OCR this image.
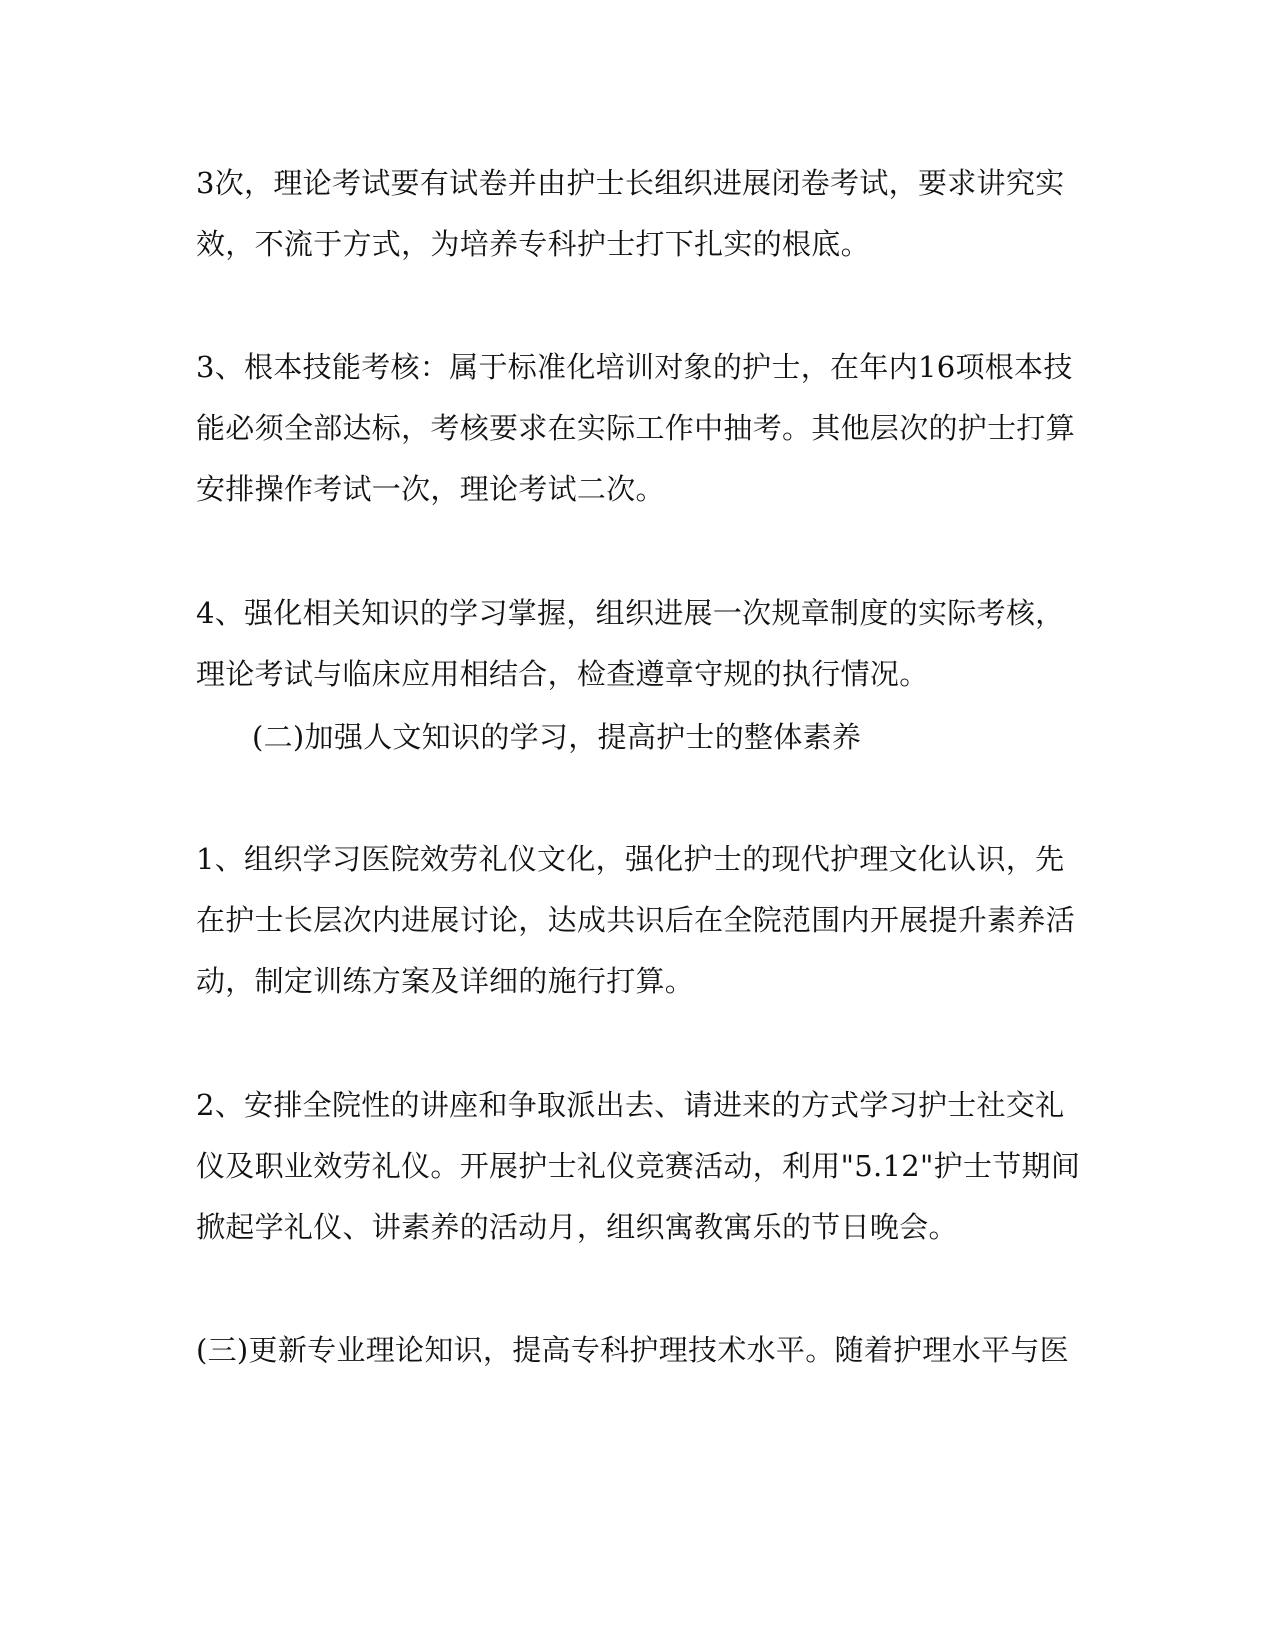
3次，理论考试要有试卷并由护士长组织进展闭卷考试，要求讲究实
效，不流于方式，为培养专科护士打下扎实的根底。
3、根本技能考核：属于标准化培训对象的护士，在年内16项根本技
能必须全部达标，考核要求在实际工作中抽考。其他层次的护士打算
安排操作考试一次，理论考试二次。
4、强化相关知识的学习掌握，组织进展一次规章制度的实际考核，
理论考试与临床应用相结合，检查遵章守规的执行情况。
(二)加强人文知识的学习，提高护士的整体素养
1、组织学习医院效劳礼仪文化，强化护士的现代护理文化认识，先
在护士长层次内进展讨论，达成共识后在全院范围内开展提升素养活
动，制定训练方案及详细的施行打算。
2、安排全院性的讲座和争取派出去、请进来的方式学习护士社交礼
仪及职业效劳礼仪。开展护士礼仪竞赛活动，利用"5.12"护士节期间
掀起学礼仪、讲素养的活动月，组织寓教寓乐的节日晚会。
(三)更新专业理论知识，提高专科护理技术水平。随着护理水平与医
